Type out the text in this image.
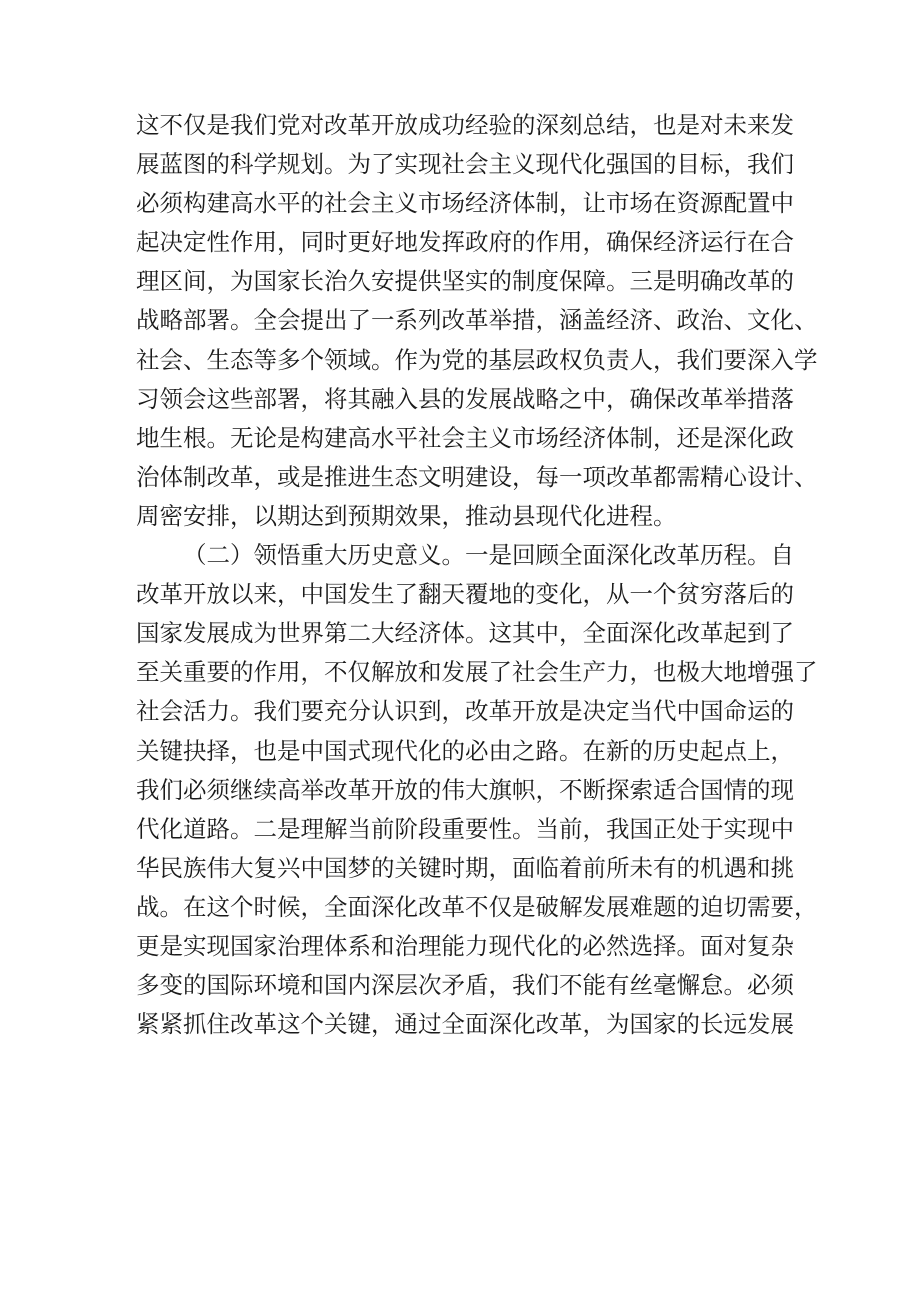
这不仅是我们党对改革开放成功经验的深刻总结，也是对未来发
展蓝图的科学规划。为了实现社会主义现代化强国的目标，我们
必须构建高水平的社会主义市场经济体制，让市场在资源配置中
起决定性作用，同时更好地发挥政府的作用，确保经济运行在合
理区间，为国家长治久安提供坚实的制度保障。三是明确改革的
战略部署。全会提出了一系列改革举措，涵盖经济、政治、文化、
社会、生态等多个领域。作为党的基层政权负责人，我们要深入学
习领会这些部署，将其融入县的发展战略之中，确保改革举措落
地生根。无论是构建高水平社会主义市场经济体制，还是深化政
治体制改革，或是推进生态文明建设，每一项改革都需精心设计、
周密安排，以期达到预期效果，推动县现代化进程。
（二）领悟重大历史意义。一是回顾全面深化改革历程。自
改革开放以来，中国发生了翻天覆地的变化，从一个贫穷落后的
国家发展成为世界第二大经济体。这其中，全面深化改革起到了
至关重要的作用，不仅解放和发展了社会生产力，也极大地增强了
社会活力。我们要充分认识到，改革开放是决定当代中国命运的
关键抉择，也是中国式现代化的必由之路。在新的历史起点上，
我们必须继续高举改革开放的伟大旗帜，不断探索适合国情的现
代化道路。二是理解当前阶段重要性。当前，我国正处于实现中
华民族伟大复兴中国梦的关键时期，面临着前所未有的机遇和挑
战。在这个时候，全面深化改革不仅是破解发展难题的迫切需要，
更是实现国家治理体系和治理能力现代化的必然选择。面对复杂
多变的国际环境和国内深层次矛盾，我们不能有丝毫懈怠。必须
紧紧抓住改革这个关键，通过全面深化改革，为国家的长远发展
